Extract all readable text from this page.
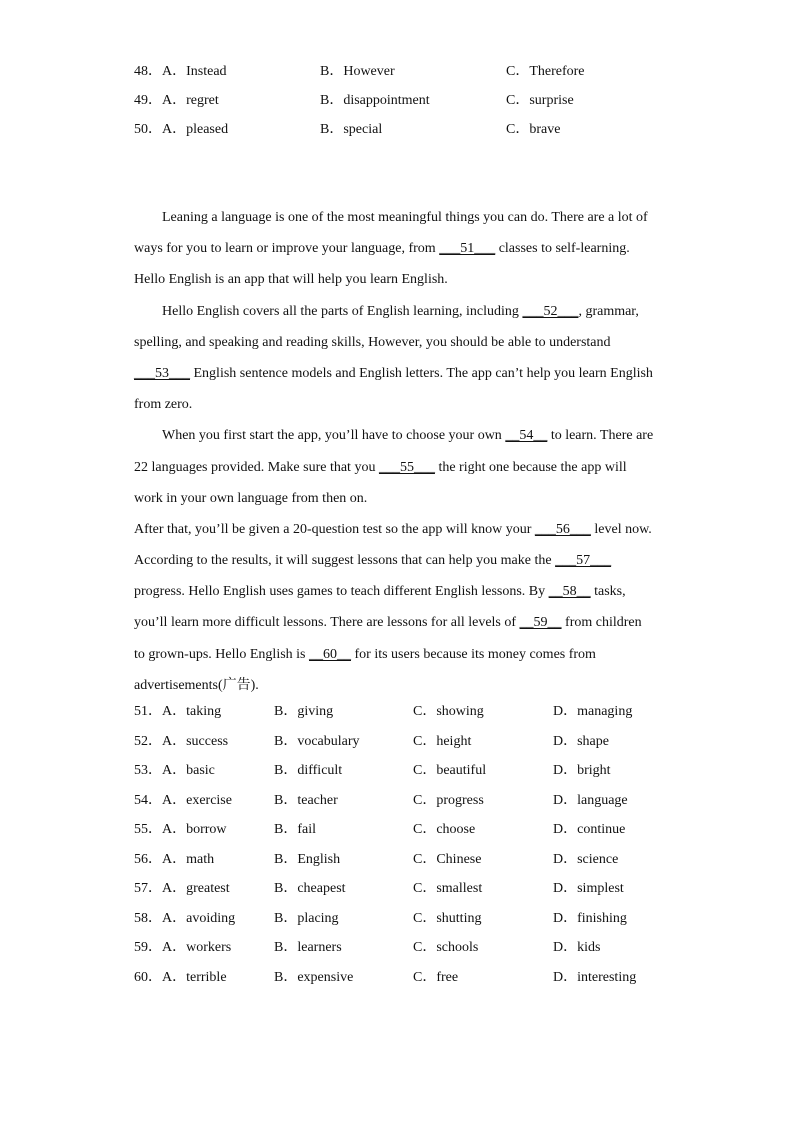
48．A．Instead	B．However	C．Therefore
49．A．regret	B．disappointment	C．surprise
50．A．pleased	B．special	C．brave
Leaning a language is one of the most meaningful things you can do. There are a lot of
ways for you to learn or improve your language, from ___51___ classes to self-learning.
Hello English is an app that will help you learn English.
Hello English covers all the parts of English learning, including ___52___, grammar,
spelling, and speaking and reading skills, However, you should be able to understand
___53___ English sentence models and English letters. The app can’t help you learn English
from zero.
When you first start the app, you’ll have to choose your own __54__ to learn. There are
22 languages provided. Make sure that you ___55___ the right one because the app will
work in your own language from then on.
After that, you’ll be given a 20-question test so the app will know your ___56___ level now.
According to the results, it will suggest lessons that can help you make the ___57___
progress. Hello English uses games to teach different English lessons. By __58__ tasks,
you’ll learn more difficult lessons. There are lessons for all levels of __59__ from children
to grown-ups. Hello English is __60__ for its users because its money comes from
advertisements(广告).
51．A．taking	B．giving	C．showing	D．managing
52．A．success	B．vocabulary	C．height	D．shape
53．A．basic	B．difficult	C．beautiful	D．bright
54．A．exercise	B．teacher	C．progress	D．language
55．A．borrow	B．fail	C．choose	D．continue
56．A．math	B．English	C．Chinese	D．science
57．A．greatest	B．cheapest	C．smallest	D．simplest
58．A．avoiding	B．placing	C．shutting	D．finishing
59．A．workers	B．learners	C．schools	D．kids
60．A．terrible	B．expensive	C．free	D．interesting
